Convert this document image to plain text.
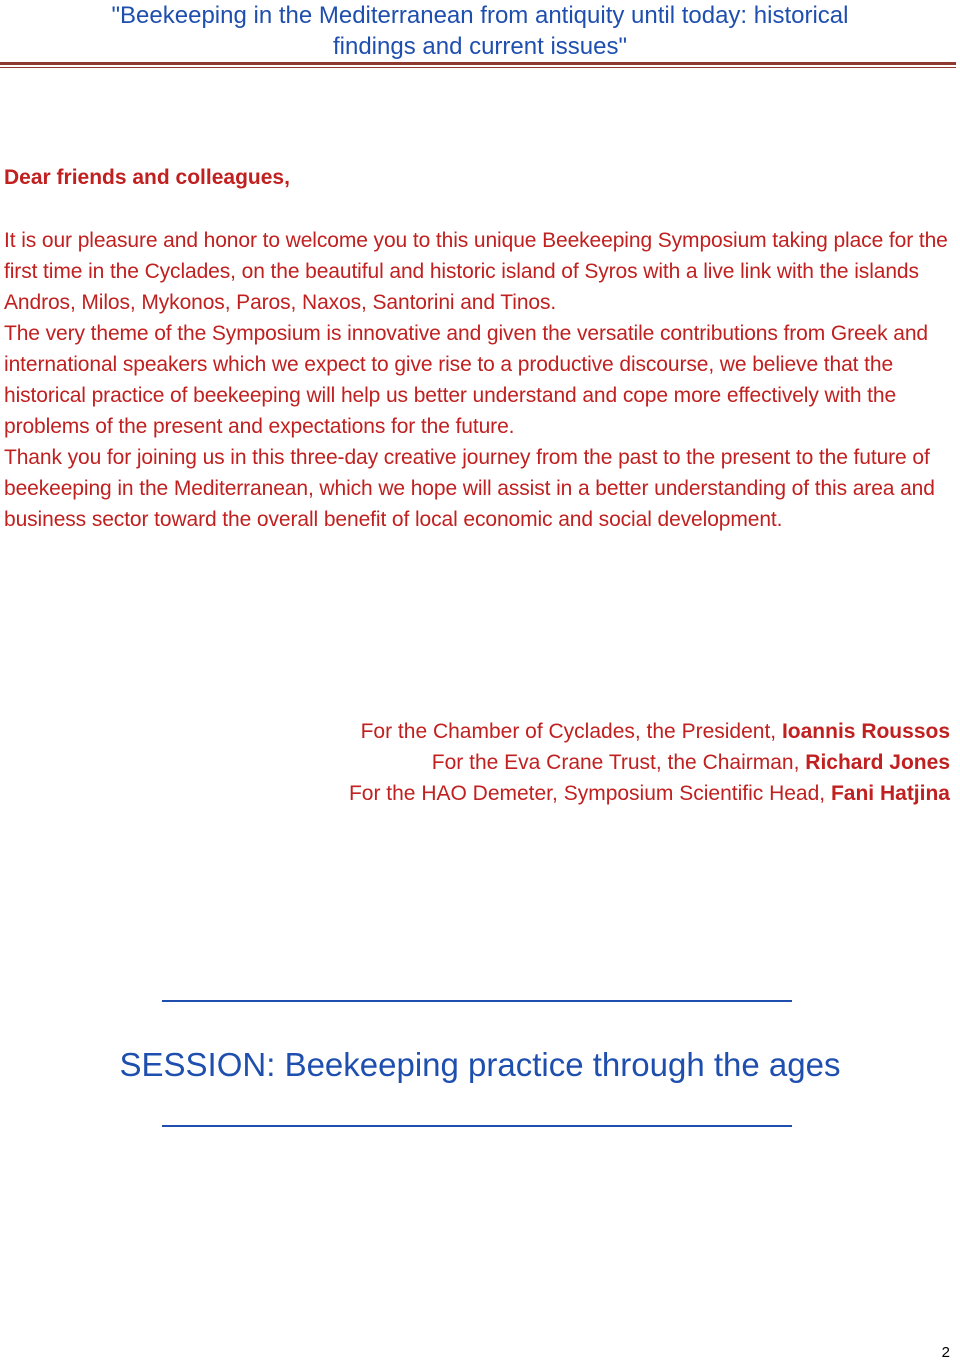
"Beekeeping in the Mediterranean from antiquity until today: historical
findings and current issues"
Dear friends and colleagues,

It is our pleasure and honor to welcome you to this unique Beekeeping Symposium taking place for the first time in the Cyclades, on the beautiful and historic island of Syros with a live link with the islands Andros, Milos, Mykonos, Paros, Naxos, Santorini and Tinos.

The very theme of the Symposium is innovative and given the versatile contributions from Greek and international speakers which we expect to give rise to a productive discourse, we believe that the historical practice of beekeeping will help us better understand and cope more effectively with the problems of the present and expectations for the future.

Thank you for joining us in this three-day creative journey from the past to the present to the future of beekeeping in the Mediterranean, which we hope will assist in a better understanding of this area and business sector toward the overall benefit of local economic and social development.

For the Chamber of Cyclades, the President, Ioannis Roussos
For the Eva Crane Trust, the Chairman, Richard Jones
For the HAO Demeter, Symposium Scientific Head, Fani Hatjina
SESSION: Beekeeping practice through the ages
2
